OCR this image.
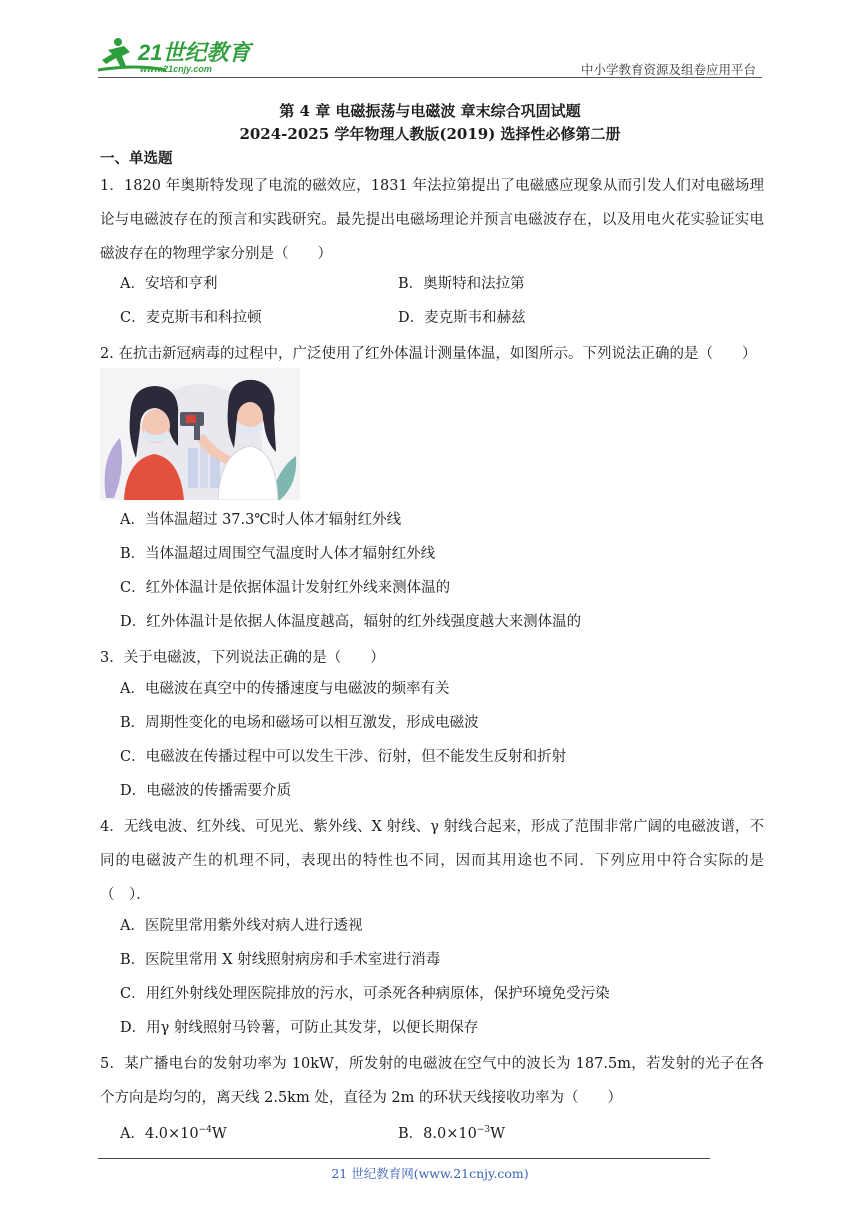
21世纪教育
www.21cnjy.com	中小学教育资源及组卷应用平台
第 4 章 电磁振荡与电磁波 章末综合巩固试题
2024-2025 学年物理人教版(2019) 选择性必修第二册
一、单选题
1．1820 年奥斯特发现了电流的磁效应，1831 年法拉第提出了电磁感应现象从而引发人们对电磁场理论与电磁波存在的预言和实践研究。最先提出电磁场理论并预言电磁波存在，以及用电火花实验证实电磁波存在的物理学家分别是（　　）
A．安培和亨利	B．奥斯特和法拉第
C．麦克斯韦和科拉顿	D．麦克斯韦和赫兹
2. 在抗击新冠病毒的过程中，广泛使用了红外体温计测量体温，如图所示。下列说法正确的是（　　）
A．当体温超过 37.3℃时人体才辐射红外线
B．当体温超过周围空气温度时人体才辐射红外线
C．红外体温计是依据体温计发射红外线来测体温的
D．红外体温计是依据人体温度越高，辐射的红外线强度越大来测体温的
3．关于电磁波，下列说法正确的是（　　）
A．电磁波在真空中的传播速度与电磁波的频率有关
B．周期性变化的电场和磁场可以相互激发，形成电磁波
C．电磁波在传播过程中可以发生干涉、衍射，但不能发生反射和折射
D．电磁波的传播需要介质
4．无线电波、红外线、可见光、紫外线、X 射线、γ 射线合起来，形成了范围非常广阔的电磁波谱，不同的电磁波产生的机理不同，表现出的特性也不同，因而其用途也不同．下列应用中符合实际的是（　）．
A．医院里常用紫外线对病人进行透视
B．医院里常用 X 射线照射病房和手术室进行消毒
C．用红外射线处理医院排放的污水，可杀死各种病原体，保护环境免受污染
D．用γ 射线照射马铃薯，可防止其发芽，以便长期保存
5．某广播电台的发射功率为 10kW，所发射的电磁波在空气中的波长为 187.5m，若发射的光子在各个方向是均匀的，离天线 2.5km 处，直径为 2m 的环状天线接收功率为（　　）
A．$4.0\times 10^{-4}W$	B．$8.0\times 10^{-3}W$
21 世纪教育网(www.21cnjy.com)
